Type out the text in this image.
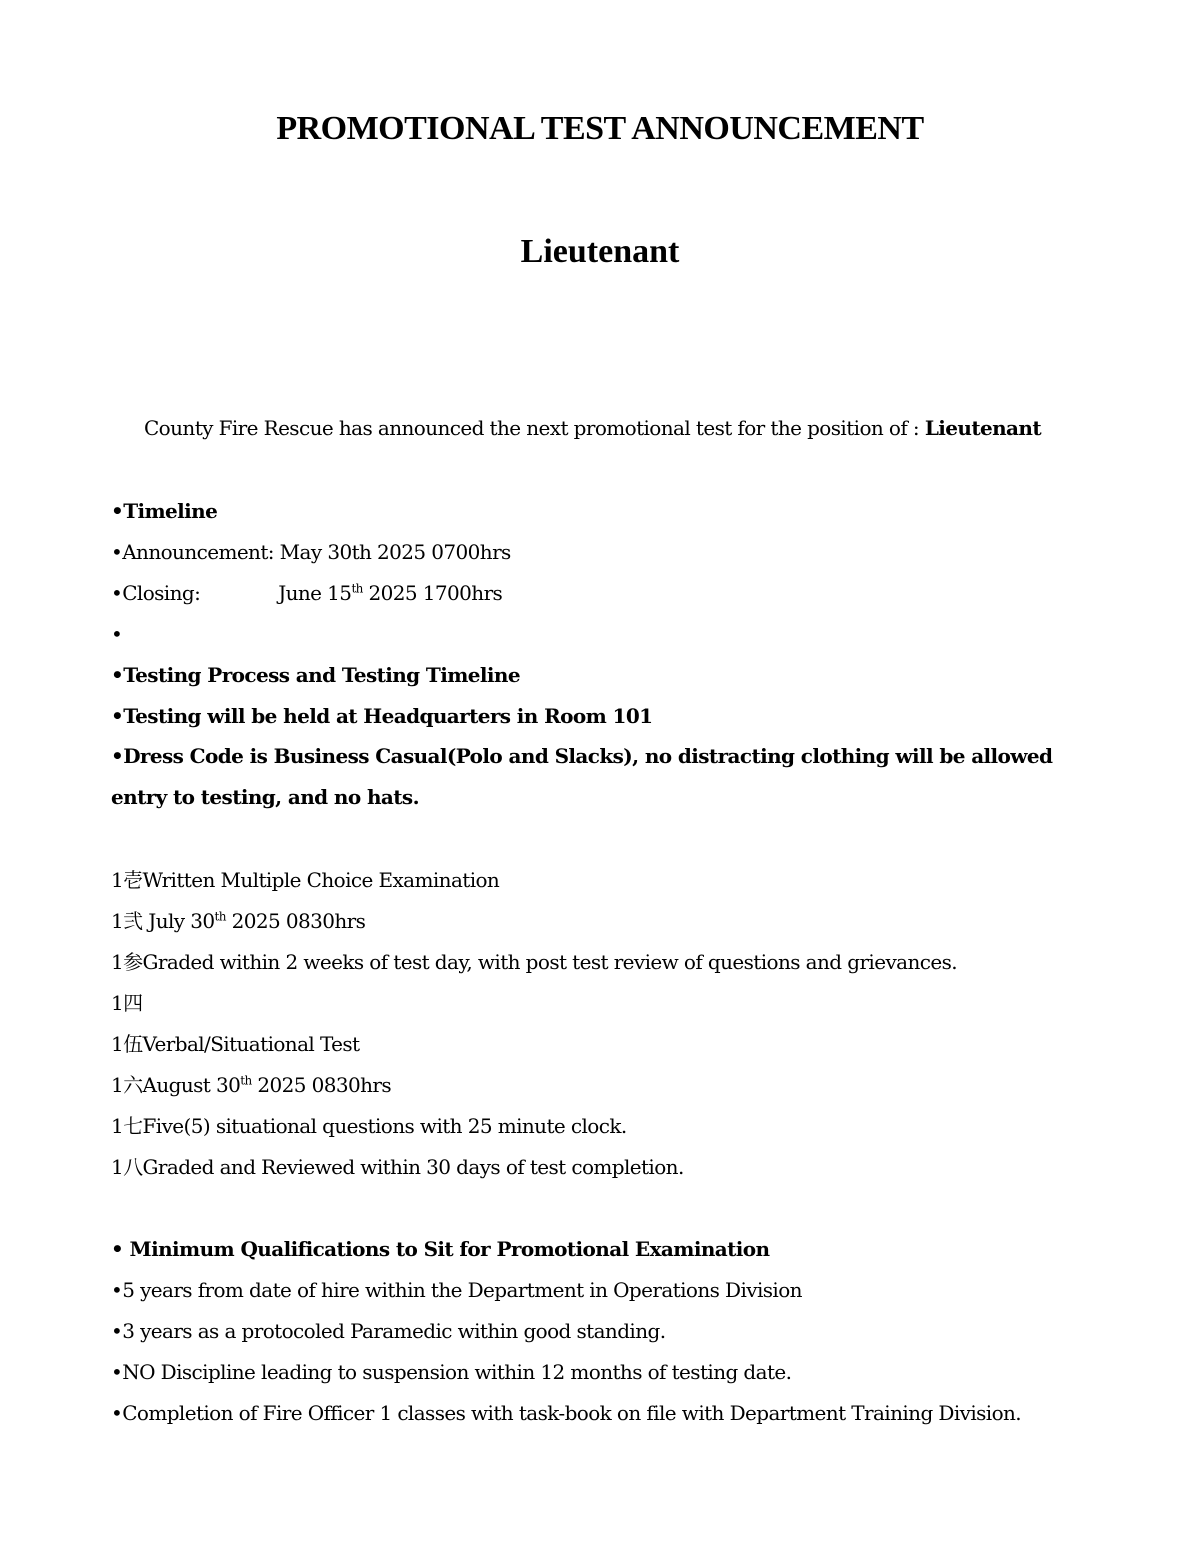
PROMOTIONAL TEST ANNOUNCEMENT
Lieutenant
County Fire Rescue has announced the next promotional test for the position of : Lieutenant
•Timeline
•Announcement: May 30th 2025 0700hrs
•Closing:	June 15th 2025 1700hrs
•
•Testing Process and Testing Timeline
•Testing will be held at Headquarters in Room 101
•Dress Code is Business Casual(Polo and Slacks), no distracting clothing will be allowed entry to testing, and no hats.
1壱Written Multiple Choice Examination
1弐 July 30th 2025 0830hrs
1参Graded within 2 weeks of test day, with post test review of questions and grievances.
1四
1伍Verbal/Situational Test
1六August 30th 2025 0830hrs
1七Five(5) situational questions with 25 minute clock.
1八Graded and Reviewed within 30 days of test completion.
• Minimum Qualifications to Sit for Promotional Examination
•5 years from date of hire within the Department in Operations Division
•3 years as a protocoled Paramedic within good standing.
•NO Discipline leading to suspension within 12 months of testing date.
•Completion of Fire Officer 1 classes with task-book on file with Department Training Division.
